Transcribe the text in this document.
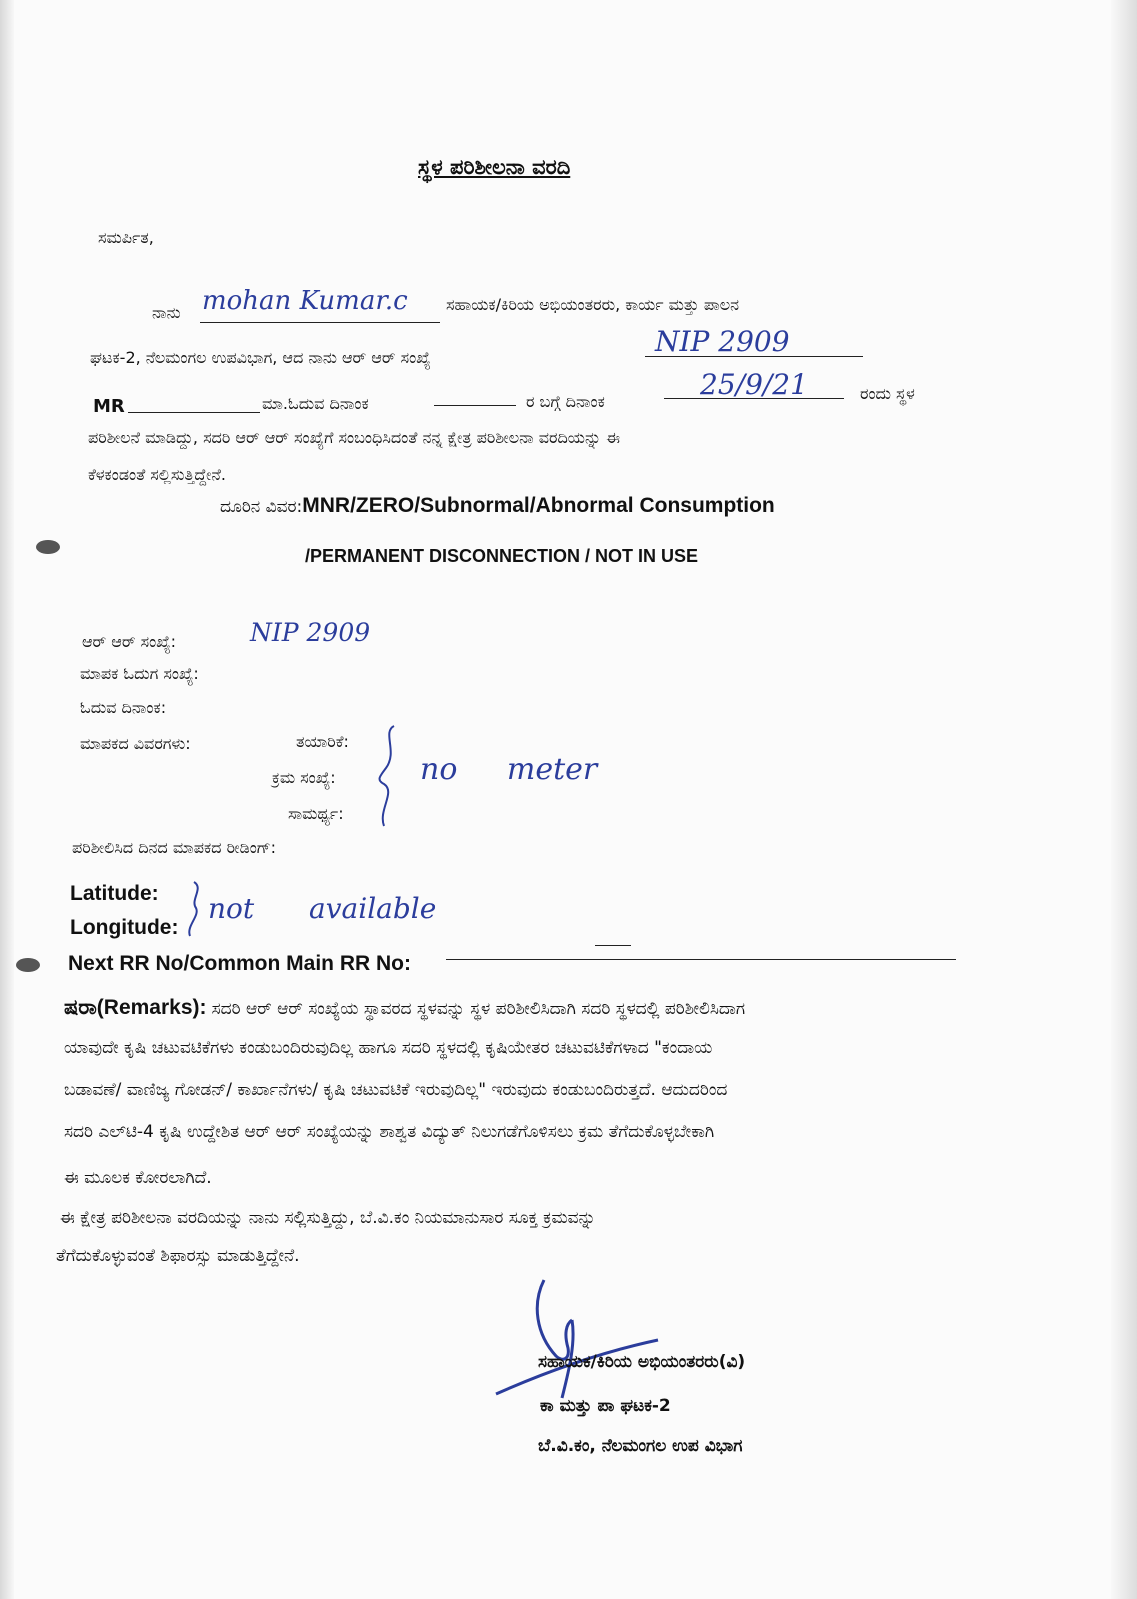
ಸ್ಥಳ ಪರಿಶೀಲನಾ ವರದಿ
ಸಮರ್ಪಿತ,
ನಾನು mohan Kumar.c ಸಹಾಯಕ/ಕಿರಿಯ ಅಭಿಯಂತರರು, ಕಾರ್ಯ ಮತ್ತು ಪಾಲನ
ಘಟಕ-2, ನೆಲಮಂಗಲ ಉಪವಿಭಾಗ, ಆದ ನಾನು ಆರ್ ಆರ್ ಸಂಖ್ಯೆ	NIP 2909
MR	ಮಾ.ಓದುವ ದಿನಾಂಕ	ರ ಬಗ್ಗೆ ದಿನಾಂಕ
25/9/21	ರಂದು ಸ್ಥಳ
ಪರಿಶೀಲನೆ ಮಾಡಿದ್ದು, ಸದರಿ ಆರ್ ಆರ್ ಸಂಖ್ಯೆಗೆ ಸಂಬಂಧಿಸಿದಂತೆ ನನ್ನ ಕ್ಷೇತ್ರ ಪರಿಶೀಲನಾ ವರದಿಯನ್ನು ಈ
ಕೆಳಕಂಡಂತೆ ಸಲ್ಲಿಸುತ್ತಿದ್ದೇನೆ.
ದೂರಿನ ವಿವರ:MNR/ZERO/Subnormal/Abnormal Consumption
/PERMANENT DISCONNECTION / NOT IN USE
ಆರ್ ಆರ್ ಸಂಖ್ಯೆ:	NIP 2909
ಮಾಪಕ ಓದುಗ ಸಂಖ್ಯೆ:
ಓದುವ ದಿನಾಂಕ:
ಮಾಪಕದ ವಿವರಗಳು:	ತಯಾರಿಕೆ:
ಕ್ರಮ ಸಂಖ್ಯೆ:
ಸಾಮರ್ಥ್ಯ:
no meter
ಪರಿಶೀಲಿಸಿದ ದಿನದ ಮಾಪಕದ ರೀಡಿಂಗ್:
Latitude:
Longitude:
not available
Next RR No/Common Main RR No:
ಷರಾ(Remarks): ಸದರಿ ಆರ್ ಆರ್ ಸಂಖ್ಯೆಯ ಸ್ಥಾವರದ ಸ್ಥಳವನ್ನು ಸ್ಥಳ ಪರಿಶೀಲಿಸಿದಾಗಿ ಸದರಿ ಸ್ಥಳದಲ್ಲಿ ಪರಿಶೀಲಿಸಿದಾಗ
ಯಾವುದೇ ಕೃಷಿ ಚಟುವಟಿಕೆಗಳು ಕಂಡುಬಂದಿರುವುದಿಲ್ಲ ಹಾಗೂ ಸದರಿ ಸ್ಥಳದಲ್ಲಿ ಕೃಷಿಯೇತರ ಚಟುವಟಿಕೆಗಳಾದ "ಕಂದಾಯ
ಬಡಾವಣೆ/ ವಾಣಿಜ್ಯ ಗೋಡನ್/ ಕಾರ್ಖಾನೆಗಳು/ ಕೃಷಿ ಚಟುವಟಿಕೆ ಇರುವುದಿಲ್ಲ" ಇರುವುದು ಕಂಡುಬಂದಿರುತ್ತದೆ. ಆದುದರಿಂದ
ಸದರಿ ಎಲ್‌ಟಿ-4 ಕೃಷಿ ಉದ್ದೇಶಿತ ಆರ್ ಆರ್ ಸಂಖ್ಯೆಯನ್ನು ಶಾಶ್ವತ ವಿದ್ಯುತ್ ನಿಲುಗಡೆಗೊಳಿಸಲು ಕ್ರಮ ತೆಗೆದುಕೊಳ್ಳಬೇಕಾಗಿ
ಈ ಮೂಲಕ ಕೋರಲಾಗಿದೆ.
ಈ ಕ್ಷೇತ್ರ ಪರಿಶೀಲನಾ ವರದಿಯನ್ನು ನಾನು ಸಲ್ಲಿಸುತ್ತಿದ್ದು, ಬೆ.ವಿ.ಕಂ ನಿಯಮಾನುಸಾರ ಸೂಕ್ತ ಕ್ರಮವನ್ನು
ತೆಗೆದುಕೊಳ್ಳುವಂತೆ ಶಿಫಾರಸ್ಸು ಮಾಡುತ್ತಿದ್ದೇನೆ.
ಸಹಾಯಕ/ಕಿರಿಯ ಅಭಿಯಂತರರು(ವಿ)
ಕಾ ಮತ್ತು ಪಾ ಘಟಕ-2
ಬೆ.ವಿ.ಕಂ, ನೆಲಮಂಗಲ ಉಪ ವಿಭಾಗ
